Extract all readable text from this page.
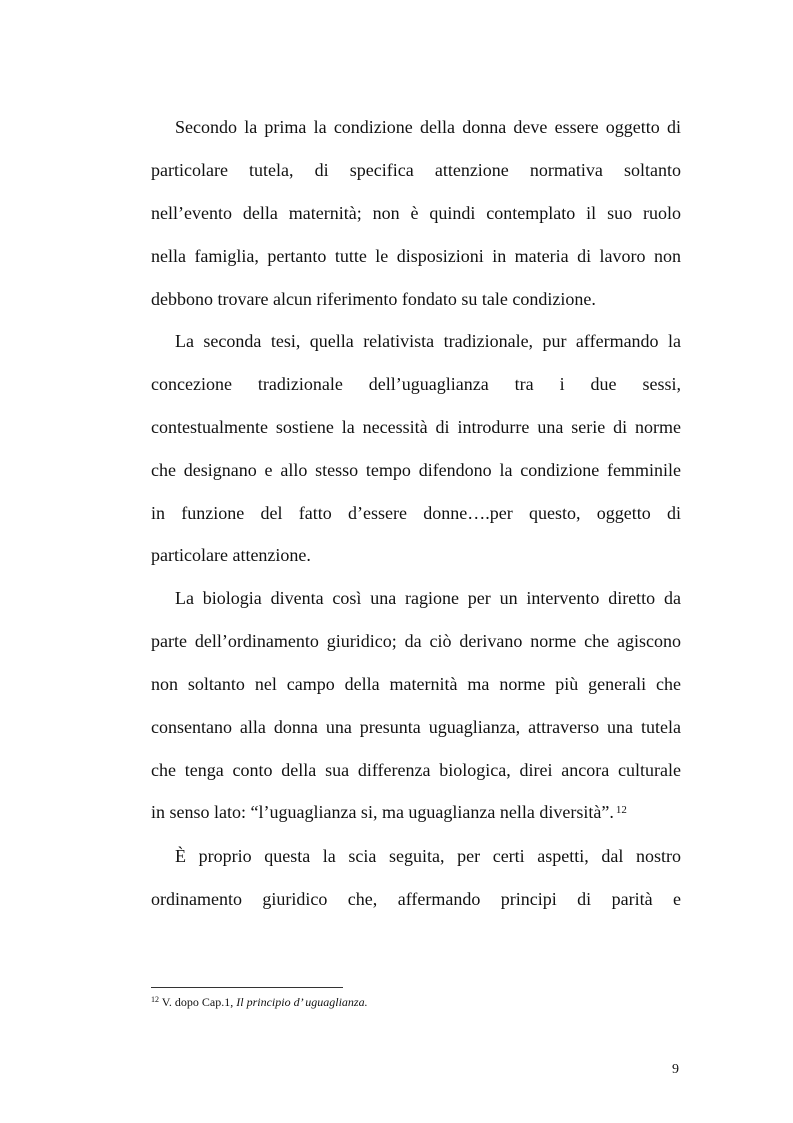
Secondo la prima la condizione della donna deve essere oggetto di
particolare tutela, di specifica attenzione normativa soltanto
nell’evento della maternità; non è quindi contemplato il suo ruolo
nella famiglia, pertanto tutte le disposizioni in materia di lavoro non
debbono trovare alcun riferimento fondato su tale condizione.
La seconda tesi, quella relativista tradizionale, pur affermando la
concezione tradizionale dell’uguaglianza tra i due sessi,
contestualmente sostiene la necessità di introdurre una serie di norme
che designano e allo stesso tempo difendono la condizione femminile
in funzione del fatto d’essere donne….per questo, oggetto di
particolare attenzione.
La biologia diventa così una ragione per un intervento diretto da
parte dell’ordinamento giuridico; da ciò derivano norme che agiscono
non soltanto nel campo della maternità ma norme più generali che
consentano alla donna una presunta uguaglianza, attraverso una tutela
che tenga conto della sua differenza biologica, direi ancora culturale
in senso lato: “l’uguaglianza si, ma uguaglianza nella diversità”. $^{12}$
È proprio questa la scia seguita, per certi aspetti, dal nostro
ordinamento giuridico che, affermando principi di parità e
$^{12}$ V. dopo Cap.1, Il principio d’ uguaglianza.
9
